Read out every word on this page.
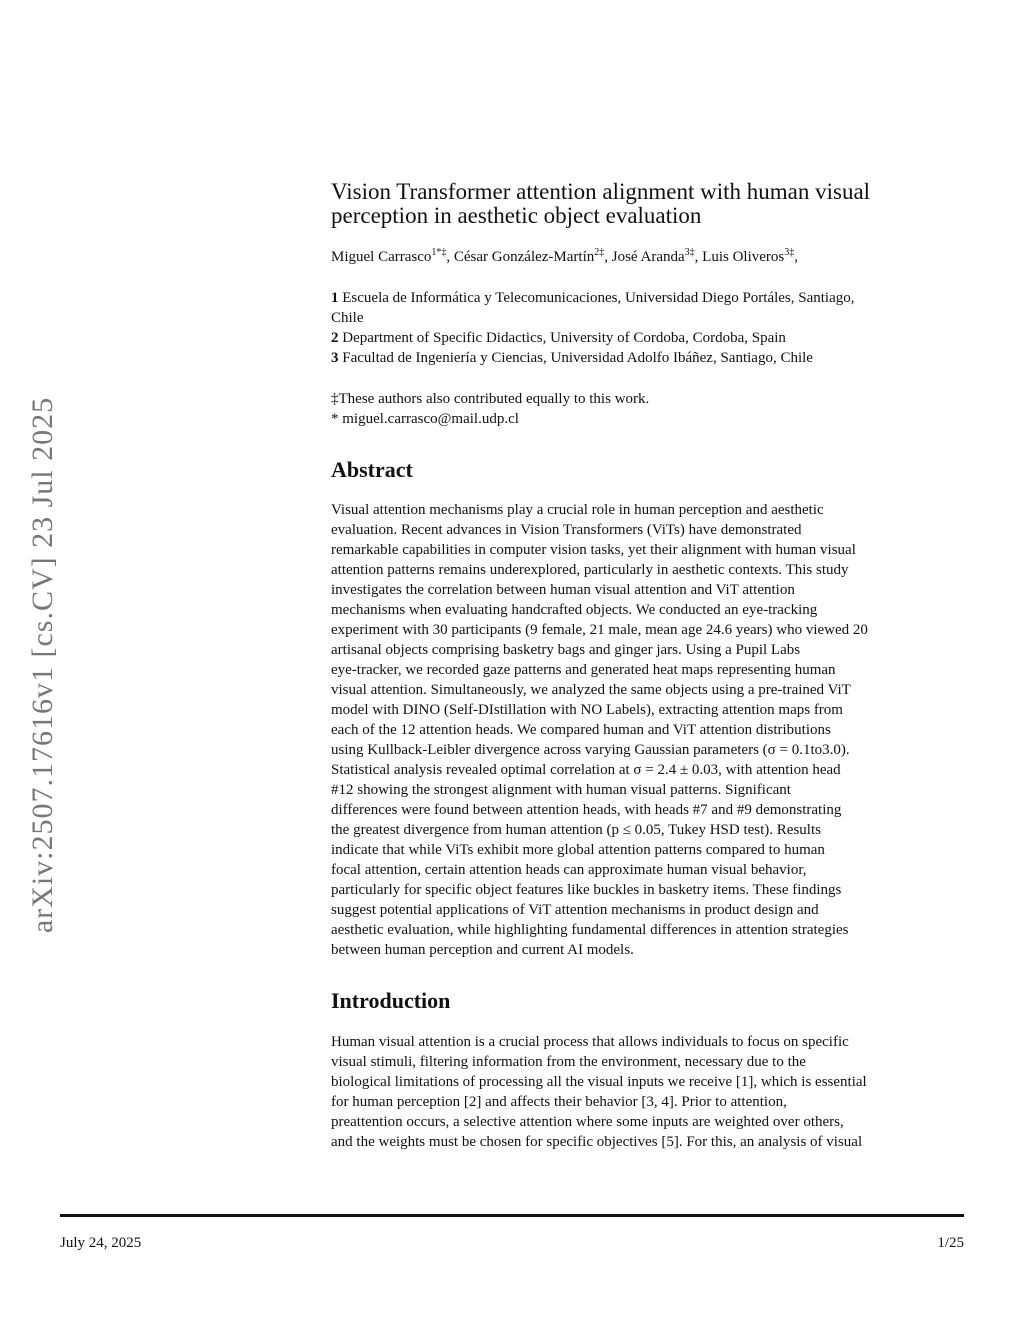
arXiv:2507.17616v1 [cs.CV] 23 Jul 2025
Vision Transformer attention alignment with human visual
perception in aesthetic object evaluation
Miguel Carrasco$^{1*\ddagger}$, César González-Martín$^{2\ddagger}$, José Aranda$^{3\ddagger}$, Luis Oliveros$^{3\ddagger}$,
1 Escuela de Informática y Telecomunicaciones, Universidad Diego Portáles, Santiago,
Chile
2 Department of Specific Didactics, University of Cordoba, Cordoba, Spain
3 Facultad de Ingeniería y Ciencias, Universidad Adolfo Ibáñez, Santiago, Chile
‡These authors also contributed equally to this work.
* miguel.carrasco@mail.udp.cl
Abstract
Visual attention mechanisms play a crucial role in human perception and aesthetic
evaluation. Recent advances in Vision Transformers (ViTs) have demonstrated
remarkable capabilities in computer vision tasks, yet their alignment with human visual
attention patterns remains underexplored, particularly in aesthetic contexts. This study
investigates the correlation between human visual attention and ViT attention
mechanisms when evaluating handcrafted objects. We conducted an eye-tracking
experiment with 30 participants (9 female, 21 male, mean age 24.6 years) who viewed 20
artisanal objects comprising basketry bags and ginger jars. Using a Pupil Labs
eye-tracker, we recorded gaze patterns and generated heat maps representing human
visual attention. Simultaneously, we analyzed the same objects using a pre-trained ViT
model with DINO (Self-DIstillation with NO Labels), extracting attention maps from
each of the 12 attention heads. We compared human and ViT attention distributions
using Kullback-Leibler divergence across varying Gaussian parameters (σ = 0.1to3.0).
Statistical analysis revealed optimal correlation at σ = 2.4 ± 0.03, with attention head
#12 showing the strongest alignment with human visual patterns. Significant
differences were found between attention heads, with heads #7 and #9 demonstrating
the greatest divergence from human attention (p ≤ 0.05, Tukey HSD test). Results
indicate that while ViTs exhibit more global attention patterns compared to human
focal attention, certain attention heads can approximate human visual behavior,
particularly for specific object features like buckles in basketry items. These findings
suggest potential applications of ViT attention mechanisms in product design and
aesthetic evaluation, while highlighting fundamental differences in attention strategies
between human perception and current AI models.
Introduction
Human visual attention is a crucial process that allows individuals to focus on specific
visual stimuli, filtering information from the environment, necessary due to the
biological limitations of processing all the visual inputs we receive [1], which is essential
for human perception [2] and affects their behavior [3, 4]. Prior to attention,
preattention occurs, a selective attention where some inputs are weighted over others,
and the weights must be chosen for specific objectives [5]. For this, an analysis of visual
July 24, 2025	1/25
